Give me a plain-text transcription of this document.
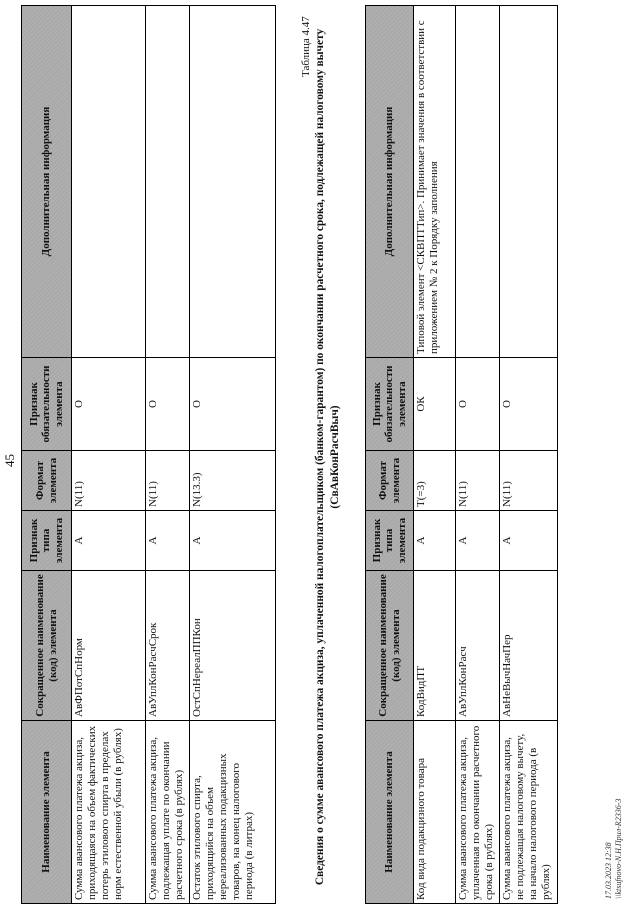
45
Наименование элемента	Сокращенное наименование (код) элемента	Признак типа элемента	Формат элемента	Признак обязательности элемента	Дополнительная информация
Сумма авансового платежа акциза, приходящаяся на объем фактических потерь этилового спирта в пределах норм естественной убыли (в рублях)	АвФПотСпНорм	А	N(11)	О	
Сумма авансового платежа акциза, подлежащая уплате по окончании расчетного срока (в рублях)	АвУплКонРасчСрок	А	N(11)	О	
Остаток этилового спирта, приходящийся на объем нереализованных подакцизных товаров, на конец налогового периода (в литрах)	ОстСпНереалППКон	А	N(13.3)	О	
Таблица 4.47 Сведения о сумме авансового платежа акциза, уплаченной налогоплательщиком (банком-гарантом) по окончании расчетного срока, подлежащей налоговому вычету (СвАвКонРасчВыч)
Наименование элемента	Сокращенное наименование (код) элемента	Признак типа элемента	Формат элемента	Признак обязательности элемента	Дополнительная информация
Код вида подакцизного товара	КодВидПТ	А	T(=3)	ОК	Типовой элемент <СКВПТТип>. Принимает значения в соответствии с приложением № 2 к Порядку заполнения
Сумма авансового платежа акциза, уплаченная по окончании расчетного срока (в рублях)	АвУплКонРасч	А	N(11)	О	
Сумма авансового платежа акциза, не подлежащая налоговому вычету, на начало налогового периода (в рублях)	АвНеВычНачПер	А	N(11)	О	
17.03.2023 12:38 \\ktsufnovo-N.H.Прил-R2336-3
